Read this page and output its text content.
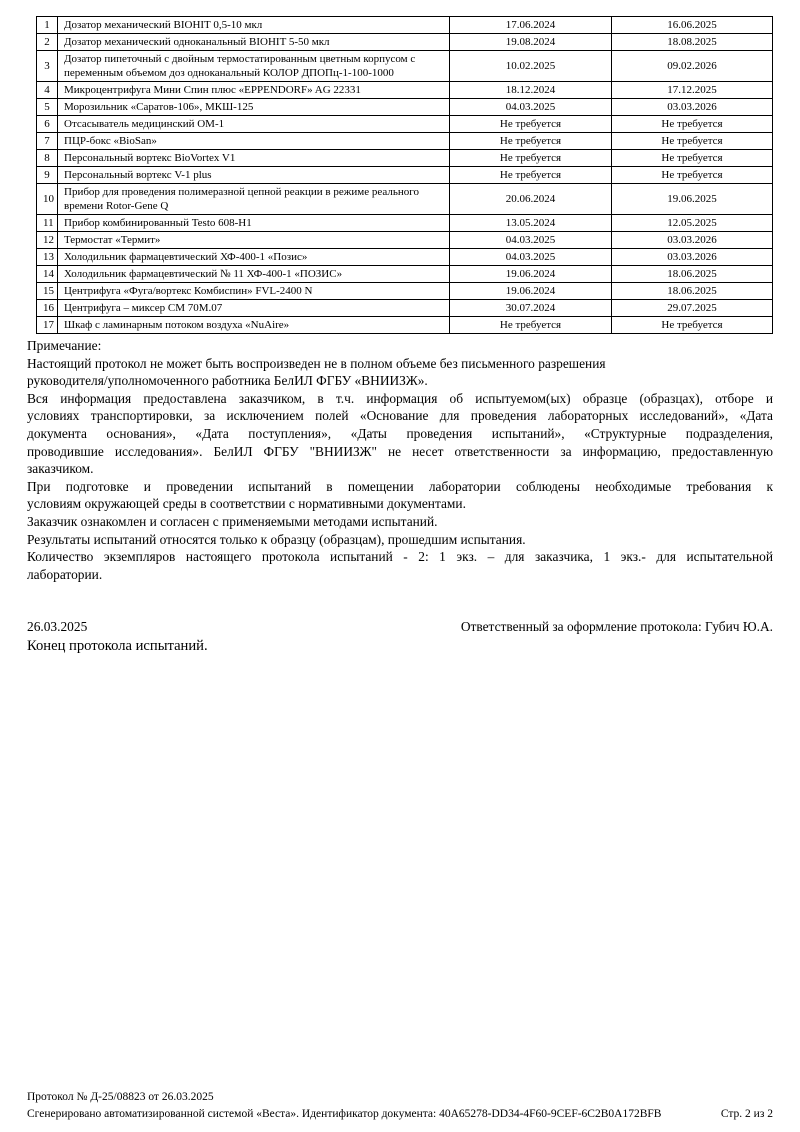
1	Дозатор механический BIOHIT 0,5-10 мкл	17.06.2024	16.06.2025
2	Дозатор механический одноканальный BIOHIT 5-50 мкл	19.08.2024	18.08.2025
3	Дозатор пипеточный с двойным термостатированным цветным корпусом с переменным объемом доз одноканальный КОЛОР ДПОПц-1-100-1000	10.02.2025	09.02.2026
4	Микроцентрифуга Мини Спин плюс «EPPENDORF» AG 22331	18.12.2024	17.12.2025
5	Морозильник «Саратов-106», МКШ-125	04.03.2025	03.03.2026
6	Отсасыватель медицинский ОМ-1	Не требуется	Не требуется
7	ПЦР-бокс «BioSan»	Не требуется	Не требуется
8	Персональный вортекс BioVortex V1	Не требуется	Не требуется
9	Персональный вортекс V-1 plus	Не требуется	Не требуется
10	Прибор для проведения полимеразной цепной реакции в режиме реального времени Rotor-Gene Q	20.06.2024	19.06.2025
11	Прибор комбинированный Testo 608-H1	13.05.2024	12.05.2025
12	Термостат «Термит»	04.03.2025	03.03.2026
13	Холодильник фармацевтический ХФ-400-1 «Позис»	04.03.2025	03.03.2026
14	Холодильник фармацевтический № 11 ХФ-400-1 «ПОЗИС»	19.06.2024	18.06.2025
15	Центрифуга «Фуга/вортекс Комбиспин» FVL-2400 N	19.06.2024	18.06.2025
16	Центрифуга – миксер СМ 70М.07	30.07.2024	29.07.2025
17	Шкаф с ламинарным потоком воздуха «NuAire»	Не требуется	Не требуется
Примечание:
Настоящий протокол не может быть воспроизведен не в полном объеме без письменного разрешения
руководителя/уполномоченного работника БелИЛ ФГБУ «ВНИИЗЖ».
Вся информация предоставлена заказчиком, в т.ч. информация об испытуемом(ых) образце (образцах), отборе и
условиях транспортировки, за исключением полей «Основание для проведения лабораторных исследований», «Дата
документа основания», «Дата поступления», «Даты проведения испытаний», «Структурные подразделения,
проводившие исследования». БелИЛ ФГБУ "ВНИИЗЖ" не несет ответственности за информацию, предоставленную
заказчиком.
При подготовке и проведении испытаний в помещении лаборатории соблюдены необходимые требования к
условиям окружающей среды в соответствии с нормативными документами.
Заказчик ознакомлен и согласен с применяемыми методами испытаний.
Результаты испытаний относятся только к образцу (образцам), прошедшим испытания.
Количество экземпляров настоящего протокола испытаний - 2: 1 экз. – для заказчика, 1 экз.- для испытательной
лаборатории.
26.03.2025	Ответственный за оформление протокола: Губич Ю.А.
Конец протокола испытаний.
Протокол № Д-25/08823 от 26.03.2025
Сгенерировано автоматизированной системой «Веста». Идентификатор документа: 40A65278-DD34-4F60-9CEF-6C2B0A172BFB	Стр. 2 из 2
